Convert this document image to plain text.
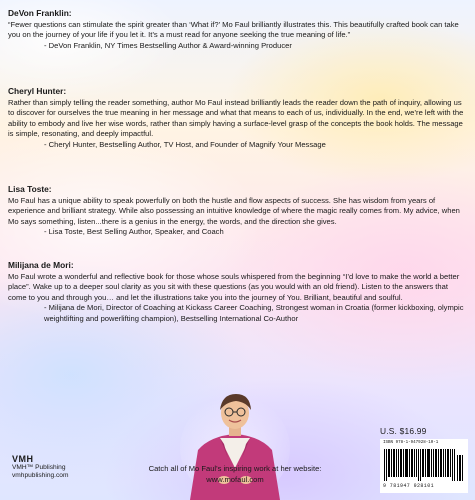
DeVon Franklin:

“Fewer questions can stimulate the spirit greater than ‘What if?’ Mo Faul brilliantly illustrates this. This beautifully crafted book can take you on the journey of your life if you let it. It’s a must read for anyone seeking the true meaning of life.”

- DeVon Franklin, NY Times Bestselling Author & Award-winning Producer

Cheryl Hunter:

Rather than simply telling the reader something, author Mo Faul instead brilliantly leads the reader down the path of inquiry, allowing us to discover for ourselves the true meaning in her message and what that means to each of us, individually. In the end, we’re left with the ability to embody and live her wise words, rather than simply having a surface-level grasp of the concepts the book holds. The message is simple, resonating, and deeply impactful.

- Cheryl Hunter, Bestselling Author, TV Host, and Founder of Magnify Your Message

Lisa Toste:

Mo Faul has a unique ability to speak powerfully on both the hustle and flow aspects of success. She has wisdom from years of experience and brilliant strategy. While also possessing an intuitive knowledge of where the magic really comes from. My advice, when Mo says something, listen...there is a genius in the energy, the words, and the direction she gives.

- Lisa Toste, Best Selling Author, Speaker, and Coach

Milijana de Mori:

Mo Faul wrote a wonderful and reflective book for those whose souls whispered from the beginning “I’d love to make the world a better place”. Wake up to a deeper soul clarity as you sit with these questions (as you would with an old friend). Listen to the answers that come to you and through you… and let the illustrations take you into the journey of You. Brilliant, beautiful and soulful.

- Milijana de Mori, Director of Coaching at Kickass Career Coaching, Strongest woman in Croatia (former kickboxing, olympic weightlifting and powerlifting champion), Bestselling International Co-Author

VMH
VMH™ Publishing
vmhpublishing.com
Catch all of Mo Faul's inspiring work at her website:
www.mofaul.com
U.S. $16.99
ISBN 978-1-947928-10-1
9 781947 928101
